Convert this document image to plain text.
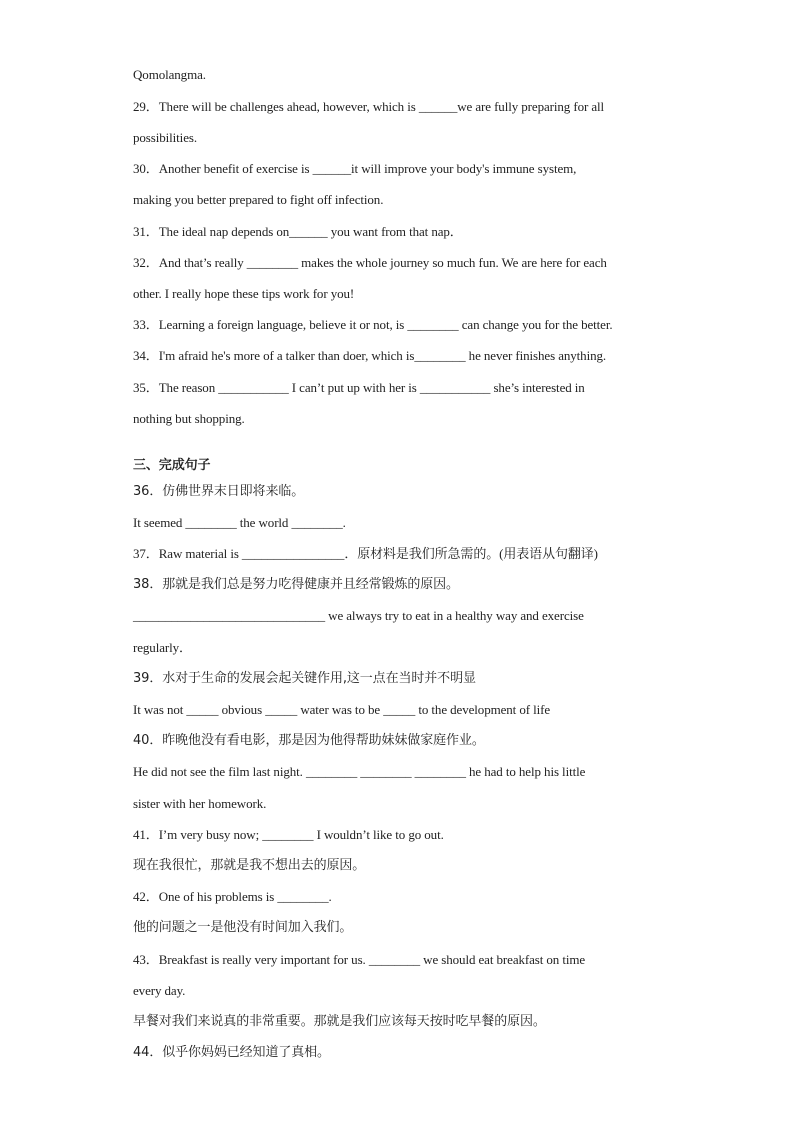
Qomolangma.
29．There will be challenges ahead, however, which is ______we are fully preparing for all
possibilities.
30．Another benefit of exercise is ______it will improve your body's immune system,
making you better prepared to fight off infection.
31．The ideal nap depends on______ you want from that nap．
32．And that’s really ________ makes the whole journey so much fun. We are here for each
other. I really hope these tips work for you!
33．Learning a foreign language, believe it or not, is ________ can change you for the better.
34．I'm afraid he's more of a talker than doer, which is________ he never finishes anything.
35．The reason ___________ I can’t put up with her is ___________ she’s interested in
nothing but shopping.
三、完成句子
36．仿佛世界末日即将来临。
It seemed ________ the world ________.
37．Raw material is ________________．原材料是我们所急需的。(用表语从句翻译)
38．那就是我们总是努力吃得健康并且经常锻炼的原因。
______________________________ we always try to eat in a healthy way and exercise
regularly．
39．水对于生命的发展会起关键作用,这一点在当时并不明显
It was not _____ obvious _____ water was to be _____ to the development of life
40．昨晚他没有看电影，那是因为他得帮助妹妹做家庭作业。
He did not see the film last night. ________ ________ ________ he had to help his little
sister with her homework.
41．I’m very busy now; ________ I wouldn’t like to go out.
现在我很忙，那就是我不想出去的原因。
42．One of his problems is ________.
他的问题之一是他没有时间加入我们。
43．Breakfast is really very important for us. ________ we should eat breakfast on time
every day.
早餐对我们来说真的非常重要。那就是我们应该每天按时吃早餐的原因。
44．似乎你妈妈已经知道了真相。
